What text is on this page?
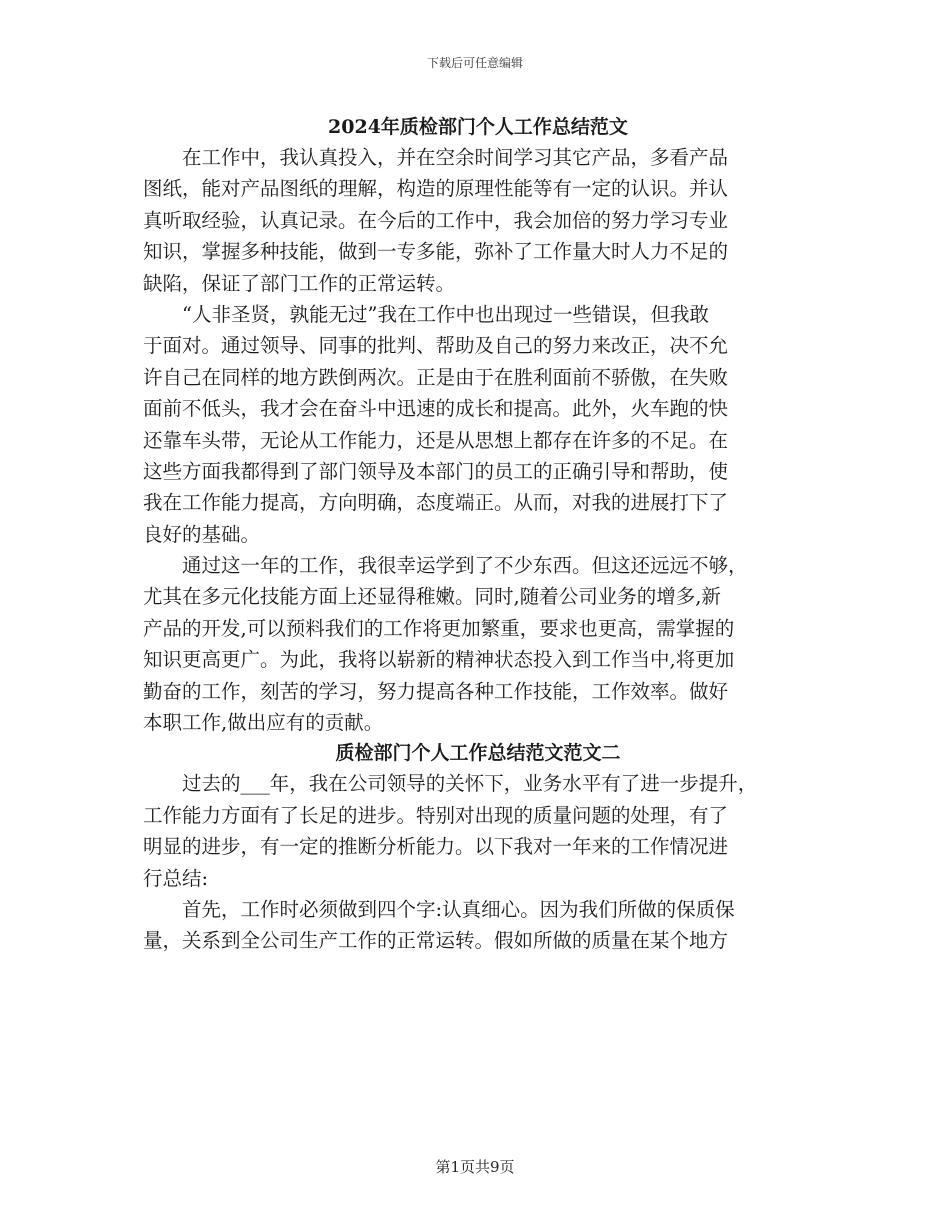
下载后可任意编辑
2024年质检部门个人工作总结范文

　　在工作中，我认真投入，并在空余时间学习其它产品，多看产品
图纸，能对产品图纸的理解，构造的原理性能等有一定的认识。并认
真听取经验，认真记录。在今后的工作中，我会加倍的努力学习专业
知识，掌握多种技能，做到一专多能，弥补了工作量大时人力不足的
缺陷，保证了部门工作的正常运转。

　　“人非圣贤，孰能无过”我在工作中也出现过一些错误，但我敢
于面对。通过领导、同事的批判、帮助及自己的努力来改正，决不允
许自己在同样的地方跌倒两次。正是由于在胜利面前不骄傲，在失败
面前不低头，我才会在奋斗中迅速的成长和提高。此外，火车跑的快
还靠车头带，无论从工作能力，还是从思想上都存在许多的不足。在
这些方面我都得到了部门领导及本部门的员工的正确引导和帮助，使
我在工作能力提高，方向明确，态度端正。从而，对我的进展打下了
良好的基础。

　　通过这一年的工作，我很幸运学到了不少东西。但这还远远不够，
尤其在多元化技能方面上还显得稚嫩。同时,随着公司业务的增多,新
产品的开发,可以预料我们的工作将更加繁重，要求也更高，需掌握的
知识更高更广。为此，我将以崭新的精神状态投入到工作当中,将更加
勤奋的工作，刻苦的学习，努力提高各种工作技能，工作效率。做好
本职工作,做出应有的贡献。

质检部门个人工作总结范文范文二

　　过去的___年，我在公司领导的关怀下，业务水平有了进一步提升，
工作能力方面有了长足的进步。特别对出现的质量问题的处理，有了
明显的进步，有一定的推断分析能力。以下我对一年来的工作情况进
行总结:

　　首先，工作时必须做到四个字:认真细心。因为我们所做的保质保
量，关系到全公司生产工作的正常运转。假如所做的质量在某个地方

第1页共9页
